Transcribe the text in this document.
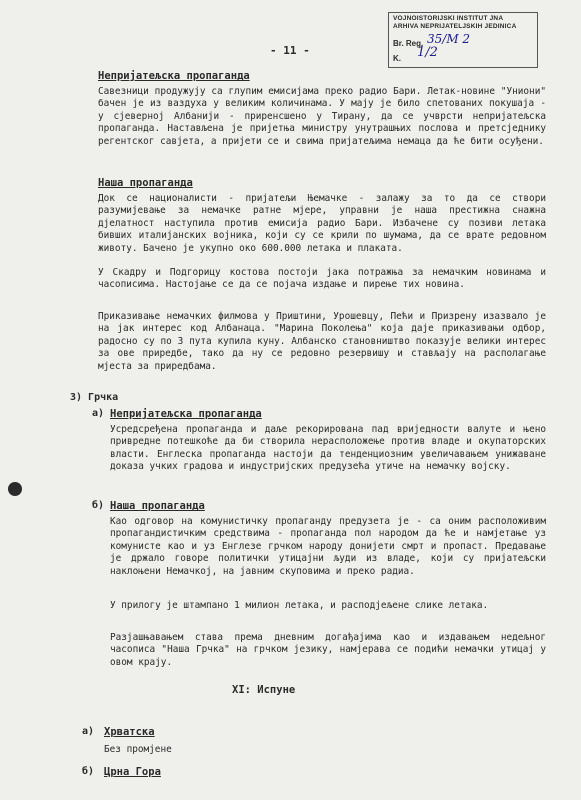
VOJNOISTORIJSKI INSTITUT JNA
ARHIVA NEPRIJATELJSKIH JEDINICA
Br. Reg. 35/M 2
K. 1/2
- 11 -
Непријатељска пропаганда
Савезници продужују са глупим емисијама преко радио Бари. Летак-новине "Униони" бачен је из ваздуха у великим количинама. У мају је било спетованих покушаја - у сјеверној Албанији - приренсшено у Тирану, да се учврсти непријатељска пропаганда. Настављена је пријетња министру унутрашњих послова и претсједнику регентског савјета, а пријети се и свима пријатељима немаца да ће бити осуђени.
Наша пропаганда
Док се националисти - пријатељи Њемачке - залажу за то да се створи разумијевање за немачке ратне мјере, управни је наша престижна снажна дјелатност наступила против емисија радио Бари. Избачене су позиви летака бивших италијанских војника, који су се крили по шумама, да се врате редовном животу. Бачено је укупно око 600.000 летака и плаката.
У Скадру и Подгорицу костова постоји јака потражња за немачким новинама и часописима. Настојање се да се појача издање и пирење тих новина.
Приказивање немачких филмова у Приштини, Урошевцу, Пећи и Призрену изазвало је на јак интерес код Албанаца. "Марина Поколења" која даје приказивањи одбор, радосно су по 3 пута купила куну. Албанско становништво показује велики интерес за ове приредбе, тако да ну се редовно резервишу и стављају на располагање мјеста за приредбама.
3) Грчка
а) Непријатељска пропаганда
Усредсређена пропаганда и даље рекорирована пад вриједности валуте и њено привредне потешкоће да би створила нерасположење против владе и окупаторских власти. Енглеска пропаганда настоји да тенденциозним увеличавањем унижаване доказа учких градова и индустријских предузећа утиче на немачку војску.
б) Наша пропаганда
Као одговор на комунистичку пропаганду предузета је - са оним расположивим пропагандистичким средствима - пропаганда пол народом да ће и намјетање уз комунисте као и уз Енглезе грчком народу донијети смрт и пропаст. Предавање је држало говоре политички утицајни људи из владе, који су пријатељски наклоњени Немачкој, на јавним скуповима и преко радиа.
У прилогу је штампано 1 милион летака, и расподјељене слике летака.
Разјашњавањем става према дневним догађајима као и издавањем недељног часописа "Нашa Грчка" на грчком језику, намјерава се подићи немачки утицај у овом крају.
XI: Испуне
а) Хрватска
Без промјене
б) Црна Гора
